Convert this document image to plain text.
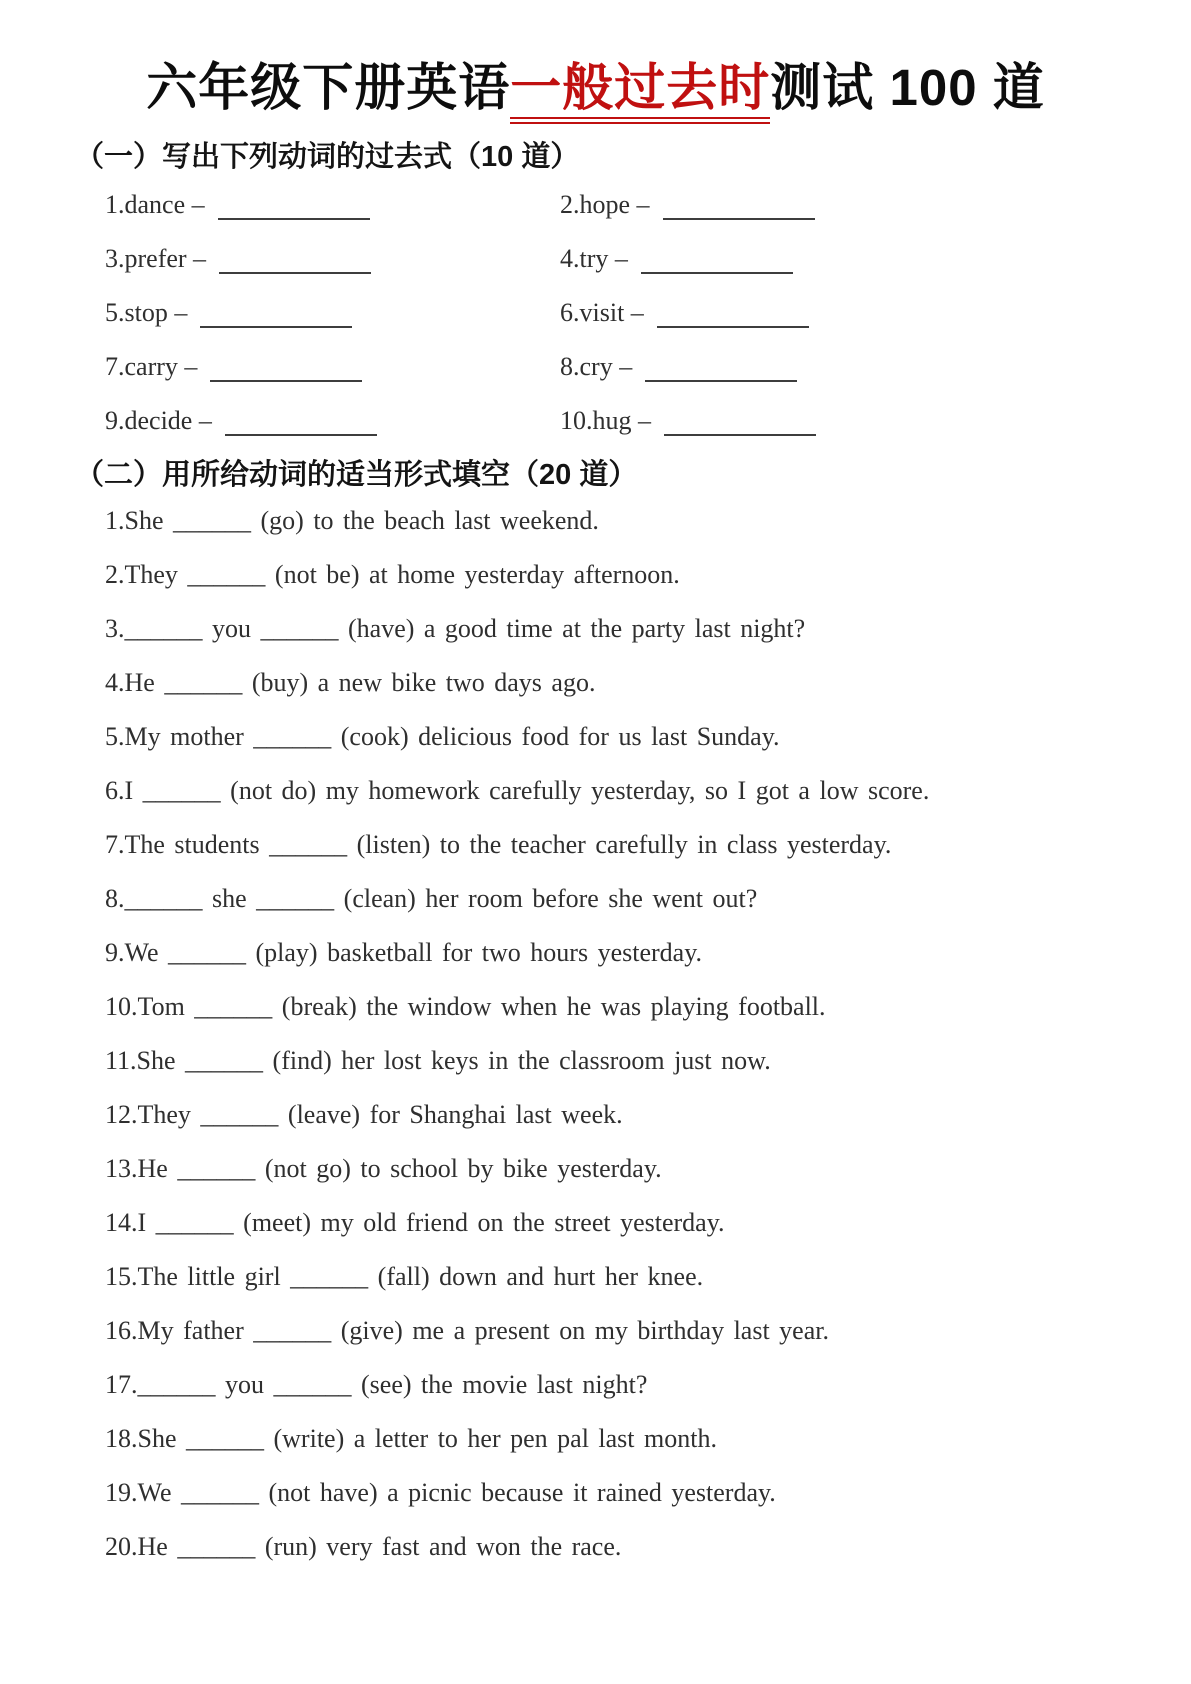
六年级下册英语一般过去时测试 100 道
（一）写出下列动词的过去式（10 道）
1.dance –	2.hope –
3.prefer –	4.try –
5.stop –	6.visit –
7.carry –	8.cry –
9.decide –	10.hug –
（二）用所给动词的适当形式填空（20 道）
1.She ______ (go) to the beach last weekend.
2.They ______ (not be) at home yesterday afternoon.
3.______ you ______ (have) a good time at the party last night?
4.He ______ (buy) a new bike two days ago.
5.My mother ______ (cook) delicious food for us last Sunday.
6.I ______ (not do) my homework carefully yesterday, so I got a low score.
7.The students ______ (listen) to the teacher carefully in class yesterday.
8.______ she ______ (clean) her room before she went out?
9.We ______ (play) basketball for two hours yesterday.
10.Tom ______ (break) the window when he was playing football.
11.She ______ (find) her lost keys in the classroom just now.
12.They ______ (leave) for Shanghai last week.
13.He ______ (not go) to school by bike yesterday.
14.I ______ (meet) my old friend on the street yesterday.
15.The little girl ______ (fall) down and hurt her knee.
16.My father ______ (give) me a present on my birthday last year.
17.______ you ______ (see) the movie last night?
18.She ______ (write) a letter to her pen pal last month.
19.We ______ (not have) a picnic because it rained yesterday.
20.He ______ (run) very fast and won the race.
